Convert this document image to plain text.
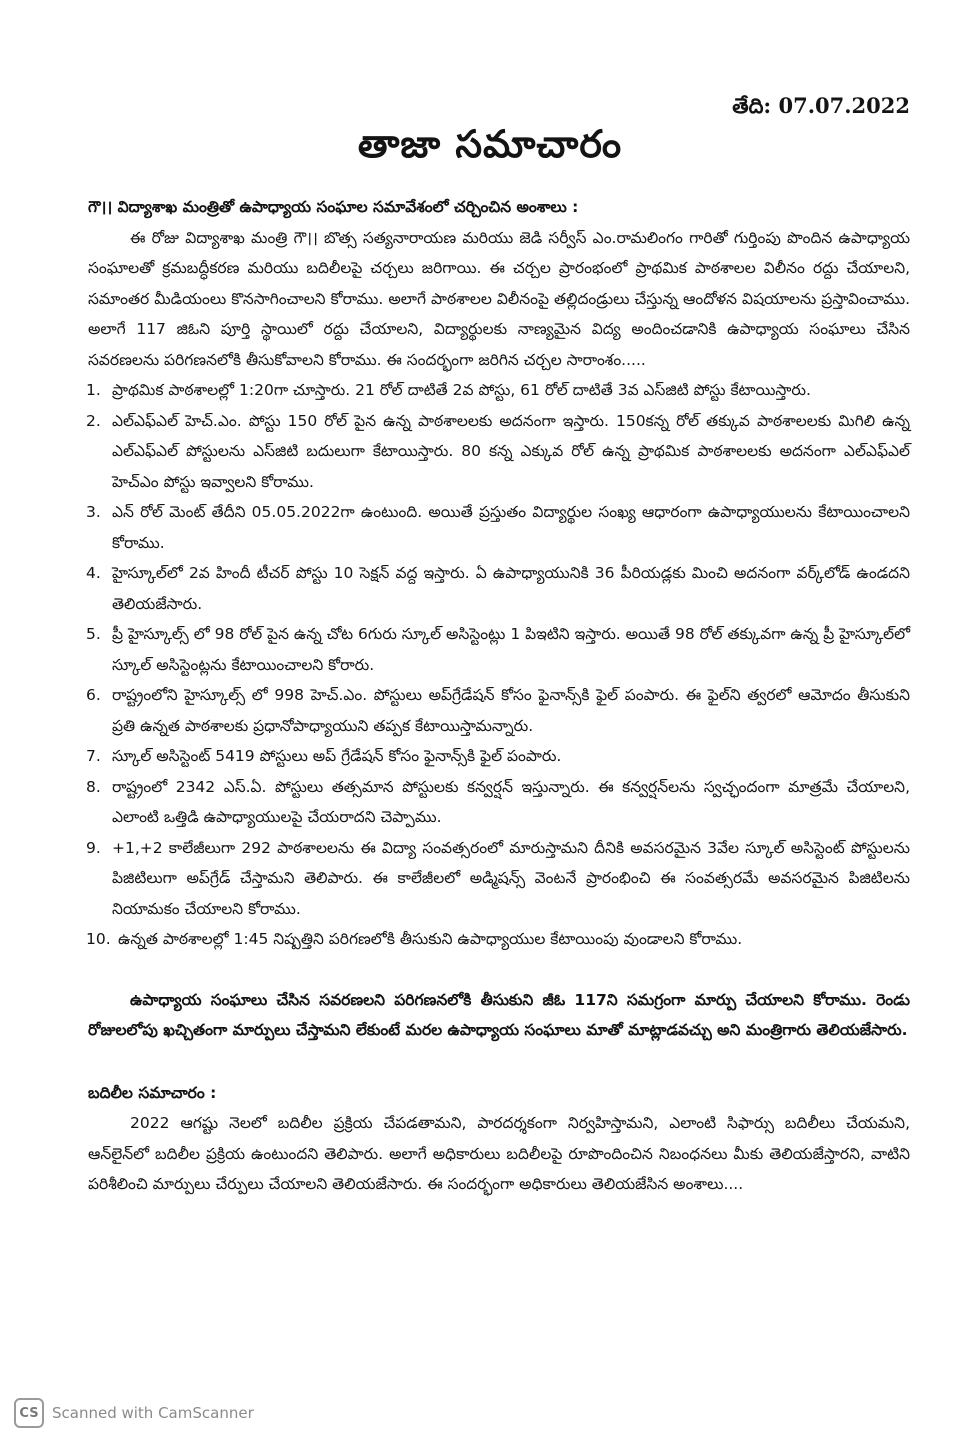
తేది: 07.07.2022
తాజా సమాచారం

గౌ।। విద్యాశాఖ మంత్రితో ఉపాధ్యాయ సంఘాల సమావేశంలో చర్చించిన అంశాలు :

ఈ రోజు విద్యాశాఖ మంత్రి గౌ।। బొత్స సత్యనారాయణ మరియు జెడి సర్వీస్ ఎం.రామలింగం గారితో గుర్తింపు పొందిన ఉపాధ్యాయ సంఘాలతో క్రమబద్ధీకరణ మరియు బదిలీలపై చర్చలు జరిగాయి. ఈ చర్చల ప్రారంభంలో ప్రాథమిక పాఠశాలల విలీనం రద్దు చేయాలని, సమాంతర మీడియంలు కొనసాగించాలని కోరాము. అలాగే పాఠశాలల విలీనంపై తల్లిదండ్రులు చేస్తున్న ఆందోళన విషయాలను ప్రస్తావించాము. అలాగే 117 జిఓని పూర్తి స్థాయిలో రద్దు చేయాలని, విద్యార్థులకు నాణ్యమైన విద్య అందించడానికి ఉపాధ్యాయ సంఘాలు చేసిన సవరణలను పరిగణనలోకి తీసుకోవాలని కోరాము. ఈ సందర్భంగా జరిగిన చర్చల సారాంశం.....

1. ప్రాథమిక పాఠశాలల్లో 1:20గా చూస్తారు. 21 రోల్ దాటితే 2వ పోస్టు, 61 రోల్ దాటితే 3వ ఎస్‌జిటి పోస్టు కేటాయిస్తారు.
2. ఎల్‌ఎఫ్ఎల్ హెచ్.ఎం. పోస్టు 150 రోల్ పైన ఉన్న పాఠశాలలకు అదనంగా ఇస్తారు. 150కన్న రోల్ తక్కువ పాఠశాలలకు మిగిలి ఉన్న ఎల్‌ఎఫ్ఎల్ పోస్టులను ఎస్‌జిటి బదులుగా కేటాయిస్తారు. 80 కన్న ఎక్కువ రోల్ ఉన్న ప్రాథమిక పాఠశాలలకు అదనంగా ఎల్‌ఎఫ్ఎల్ హెచ్‌ఎం పోస్టు ఇవ్వాలని కోరాము.
3. ఎన్ రోల్ మెంట్ తేదీని 05.05.2022గా ఉంటుంది. అయితే ప్రస్తుతం విద్యార్థుల సంఖ్య ఆధారంగా ఉపాధ్యాయులను కేటాయించాలని కోరాము.
4. హైస్కూల్‌లో 2వ హిందీ టీచర్ పోస్టు 10 సెక్షన్ వద్ద ఇస్తారు. ఏ ఉపాధ్యాయునికి 36 పీరియడ్లకు మించి అదనంగా వర్క్‌లోడ్ ఉండదని తెలియజేసారు.
5. ప్రీ హైస్కూల్స్ లో 98 రోల్ పైన ఉన్న చోట 6గురు స్కూల్ అసిస్టెంట్లు 1 పిఇటిని ఇస్తారు. అయితే 98 రోల్ తక్కువగా ఉన్న ప్రీ హైస్కూల్‌లో స్కూల్ అసిస్టెంట్లను కేటాయించాలని కోరారు.
6. రాష్ట్రంలోని హైస్కూల్స్ లో 998 హెచ్.ఎం. పోస్టులు అప్‌గ్రేడేషన్ కోసం ఫైనాన్స్‌కి ఫైల్ పంపారు. ఈ ఫైల్‌ని త్వరలో ఆమోదం తీసుకుని ప్రతి ఉన్నత పాఠశాలకు ప్రధానోపాధ్యాయుని తప్పక కేటాయిస్తామన్నారు.
7. స్కూల్ అసిస్టెంట్ 5419 పోస్టులు అప్ గ్రేడేషన్ కోసం ఫైనాన్స్‌కి ఫైల్ పంపారు.
8. రాష్ట్రంలో 2342 ఎస్.ఏ. పోస్టులు తత్సమాన పోస్టులకు కన్వర్షన్ ఇస్తున్నారు. ఈ కన్వర్షన్‌లను స్వచ్ఛందంగా మాత్రమే చేయాలని, ఎలాంటి ఒత్తిడి ఉపాధ్యాయులపై చేయరాదని చెప్పాము.
9. +1,+2 కాలేజీలుగా 292 పాఠశాలలను ఈ విద్యా సంవత్సరంలో మారుస్తామని దీనికి అవసరమైన 3వేల స్కూల్ అసిస్టెంట్ పోస్టులను పిజిటిలుగా అప్‌గ్రేడ్ చేస్తామని తెలిపారు. ఈ కాలేజీలలో అడ్మిషన్స్ వెంటనే ప్రారంభించి ఈ సంవత్సరమే అవసరమైన పిజిటిలను నియామకం చేయాలని కోరాము.
10. ఉన్నత పాఠశాలల్లో 1:45 నిష్పత్తిని పరిగణలోకి తీసుకుని ఉపాధ్యాయుల కేటాయింపు వుండాలని కోరాము.

ఉపాధ్యాయ సంఘాలు చేసిన సవరణలని పరిగణనలోకి తీసుకుని జీఓ 117ని సమగ్రంగా మార్పు చేయాలని కోరాము. రెండు రోజులలోపు ఖచ్చితంగా మార్పులు చేస్తామని లేకుంటే మరల ఉపాధ్యాయ సంఘాలు మాతో మాట్లాడవచ్చు అని మంత్రిగారు తెలియజేసారు.

బదిలీల సమాచారం :

2022 ఆగష్టు నెలలో బదిలీల ప్రక్రియ చేపడతామని, పారదర్శకంగా నిర్వహిస్తామని, ఎలాంటి సిఫార్సు బదిలీలు చేయమని, ఆన్‌లైన్‌లో బదిలీల ప్రక్రియ ఉంటుందని తెలిపారు. అలాగే అధికారులు బదిలీలపై రూపొందించిన నిబంధనలు మీకు తెలియజేస్తారని, వాటిని పరిశీలించి మార్పులు చేర్పులు చేయాలని తెలియజేసారు. ఈ సందర్భంగా అధికారులు తెలియజేసిన అంశాలు....

CS Scanned with CamScanner
